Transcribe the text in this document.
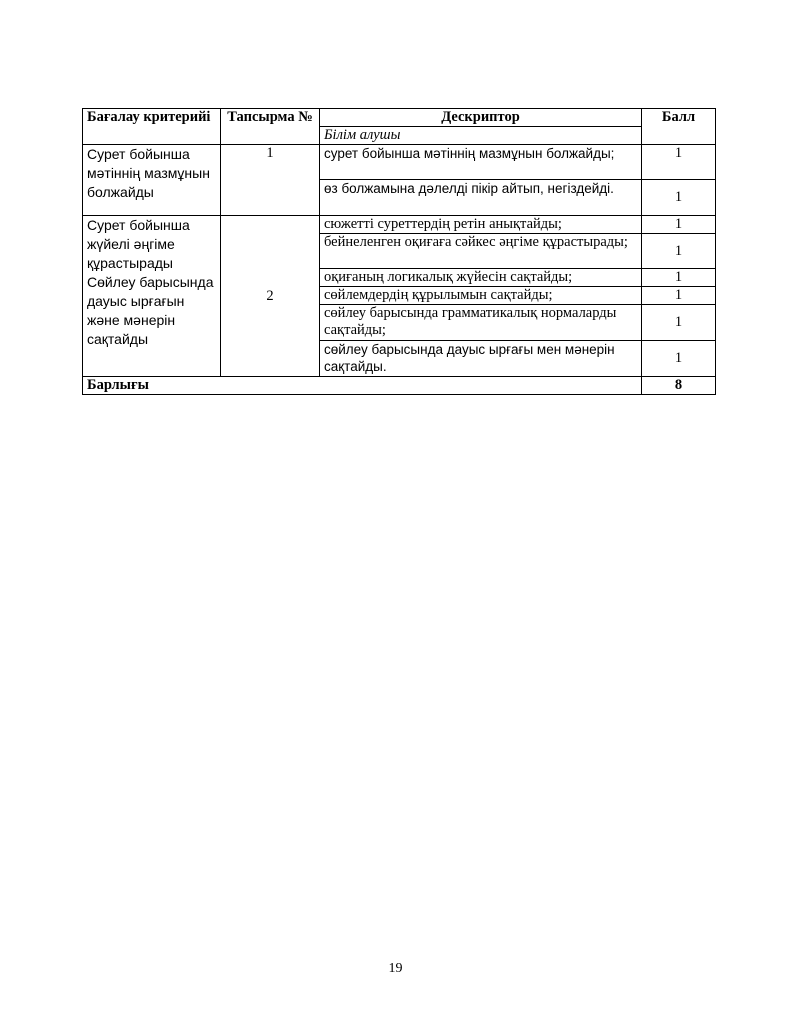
Бағалау критерийі	Тапсырма №	Дескриптор	Балл
		Білім алушы	
Сурет бойынша мәтіннің мазмұнын болжайды	1	сурет бойынша мәтіннің мазмұнын болжайды;	1
		өз болжамына дәлелді пікір айтып, негіздейді.	1

Сурет бойынша жүйелі әңгіме құрастырады
Сөйлеу барысында дауыс ырғағын және мәнерін сақтайды	2	сюжетті суреттердің ретін анықтайды;	1
		бейнеленген оқиғаға сәйкес әңгіме құрастырады;	1
		оқиғаның логикалық жүйесін сақтайды;	1
		сөйлемдердің құрылымын сақтайды;	1
		сөйлеу барысында грамматикалық нормаларды сақтайды;	1
		сөйлеу барысында дауыс ырғағы мен мәнерін сақтайды.	1
Барлығы			8
19
